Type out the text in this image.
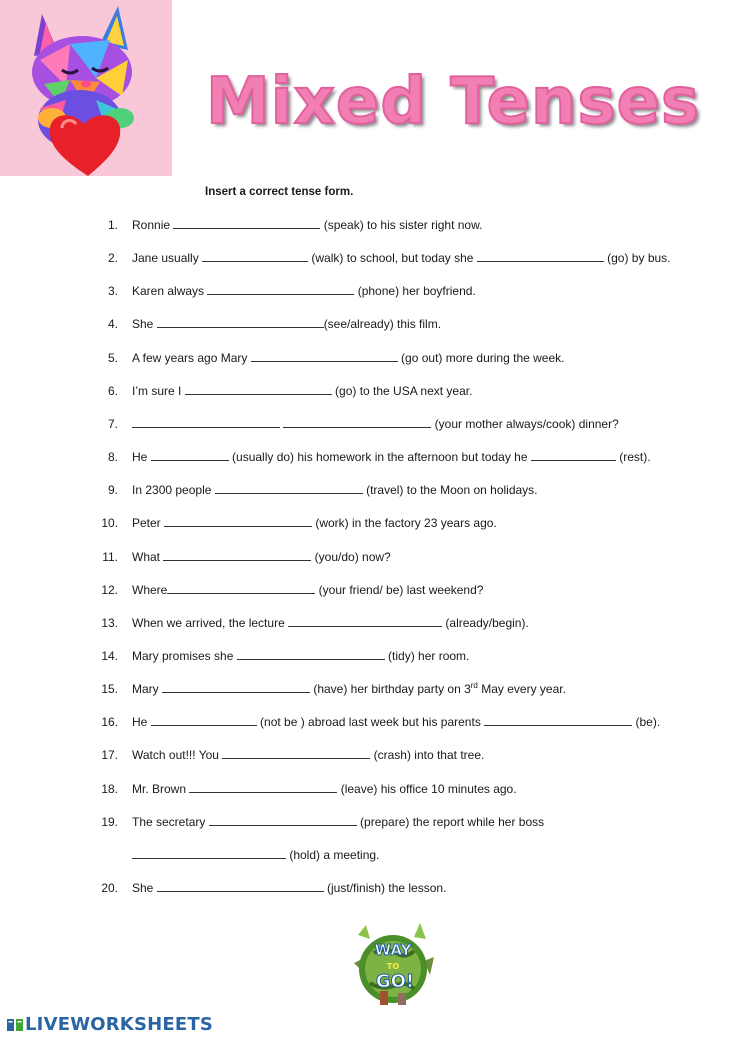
Mixed Tenses
Insert a correct tense form.
1. Ronnie	(speak) to his sister right now.
2. Jane usually	(walk) to school, but today she	(go) by bus.
3. Karen always	(phone) her boyfriend.
4. She	(see/already) this film.
5. A few years ago Mary	(go out) more during the week.
6. I’m sure I	(go) to the USA next year.
7.	(your mother always/cook) dinner?
8. He	(usually do) his homework in the afternoon but today he	(rest).
9. In 2300 people	(travel) to the Moon on holidays.
10. Peter	(work) in the factory 23 years ago.
11. What	(you/do) now?
12. Where	(your friend/ be) last weekend?
13. When we arrived, the lecture	(already/begin).
14. Mary promises she	(tidy) her room.
15. Mary	(have) her birthday party on 3rd May every year.
16. He	(not be ) abroad last week but his parents	(be).
17. Watch out!!! You	(crash) into that tree.
18. Mr. Brown	(leave) his office 10 minutes ago.
19. The secretary	(prepare) the report while her boss
(hold) a meeting.
20. She	(just/finish) the lesson.
WAY
TO
GO!
LIVEWORKSHEETS
